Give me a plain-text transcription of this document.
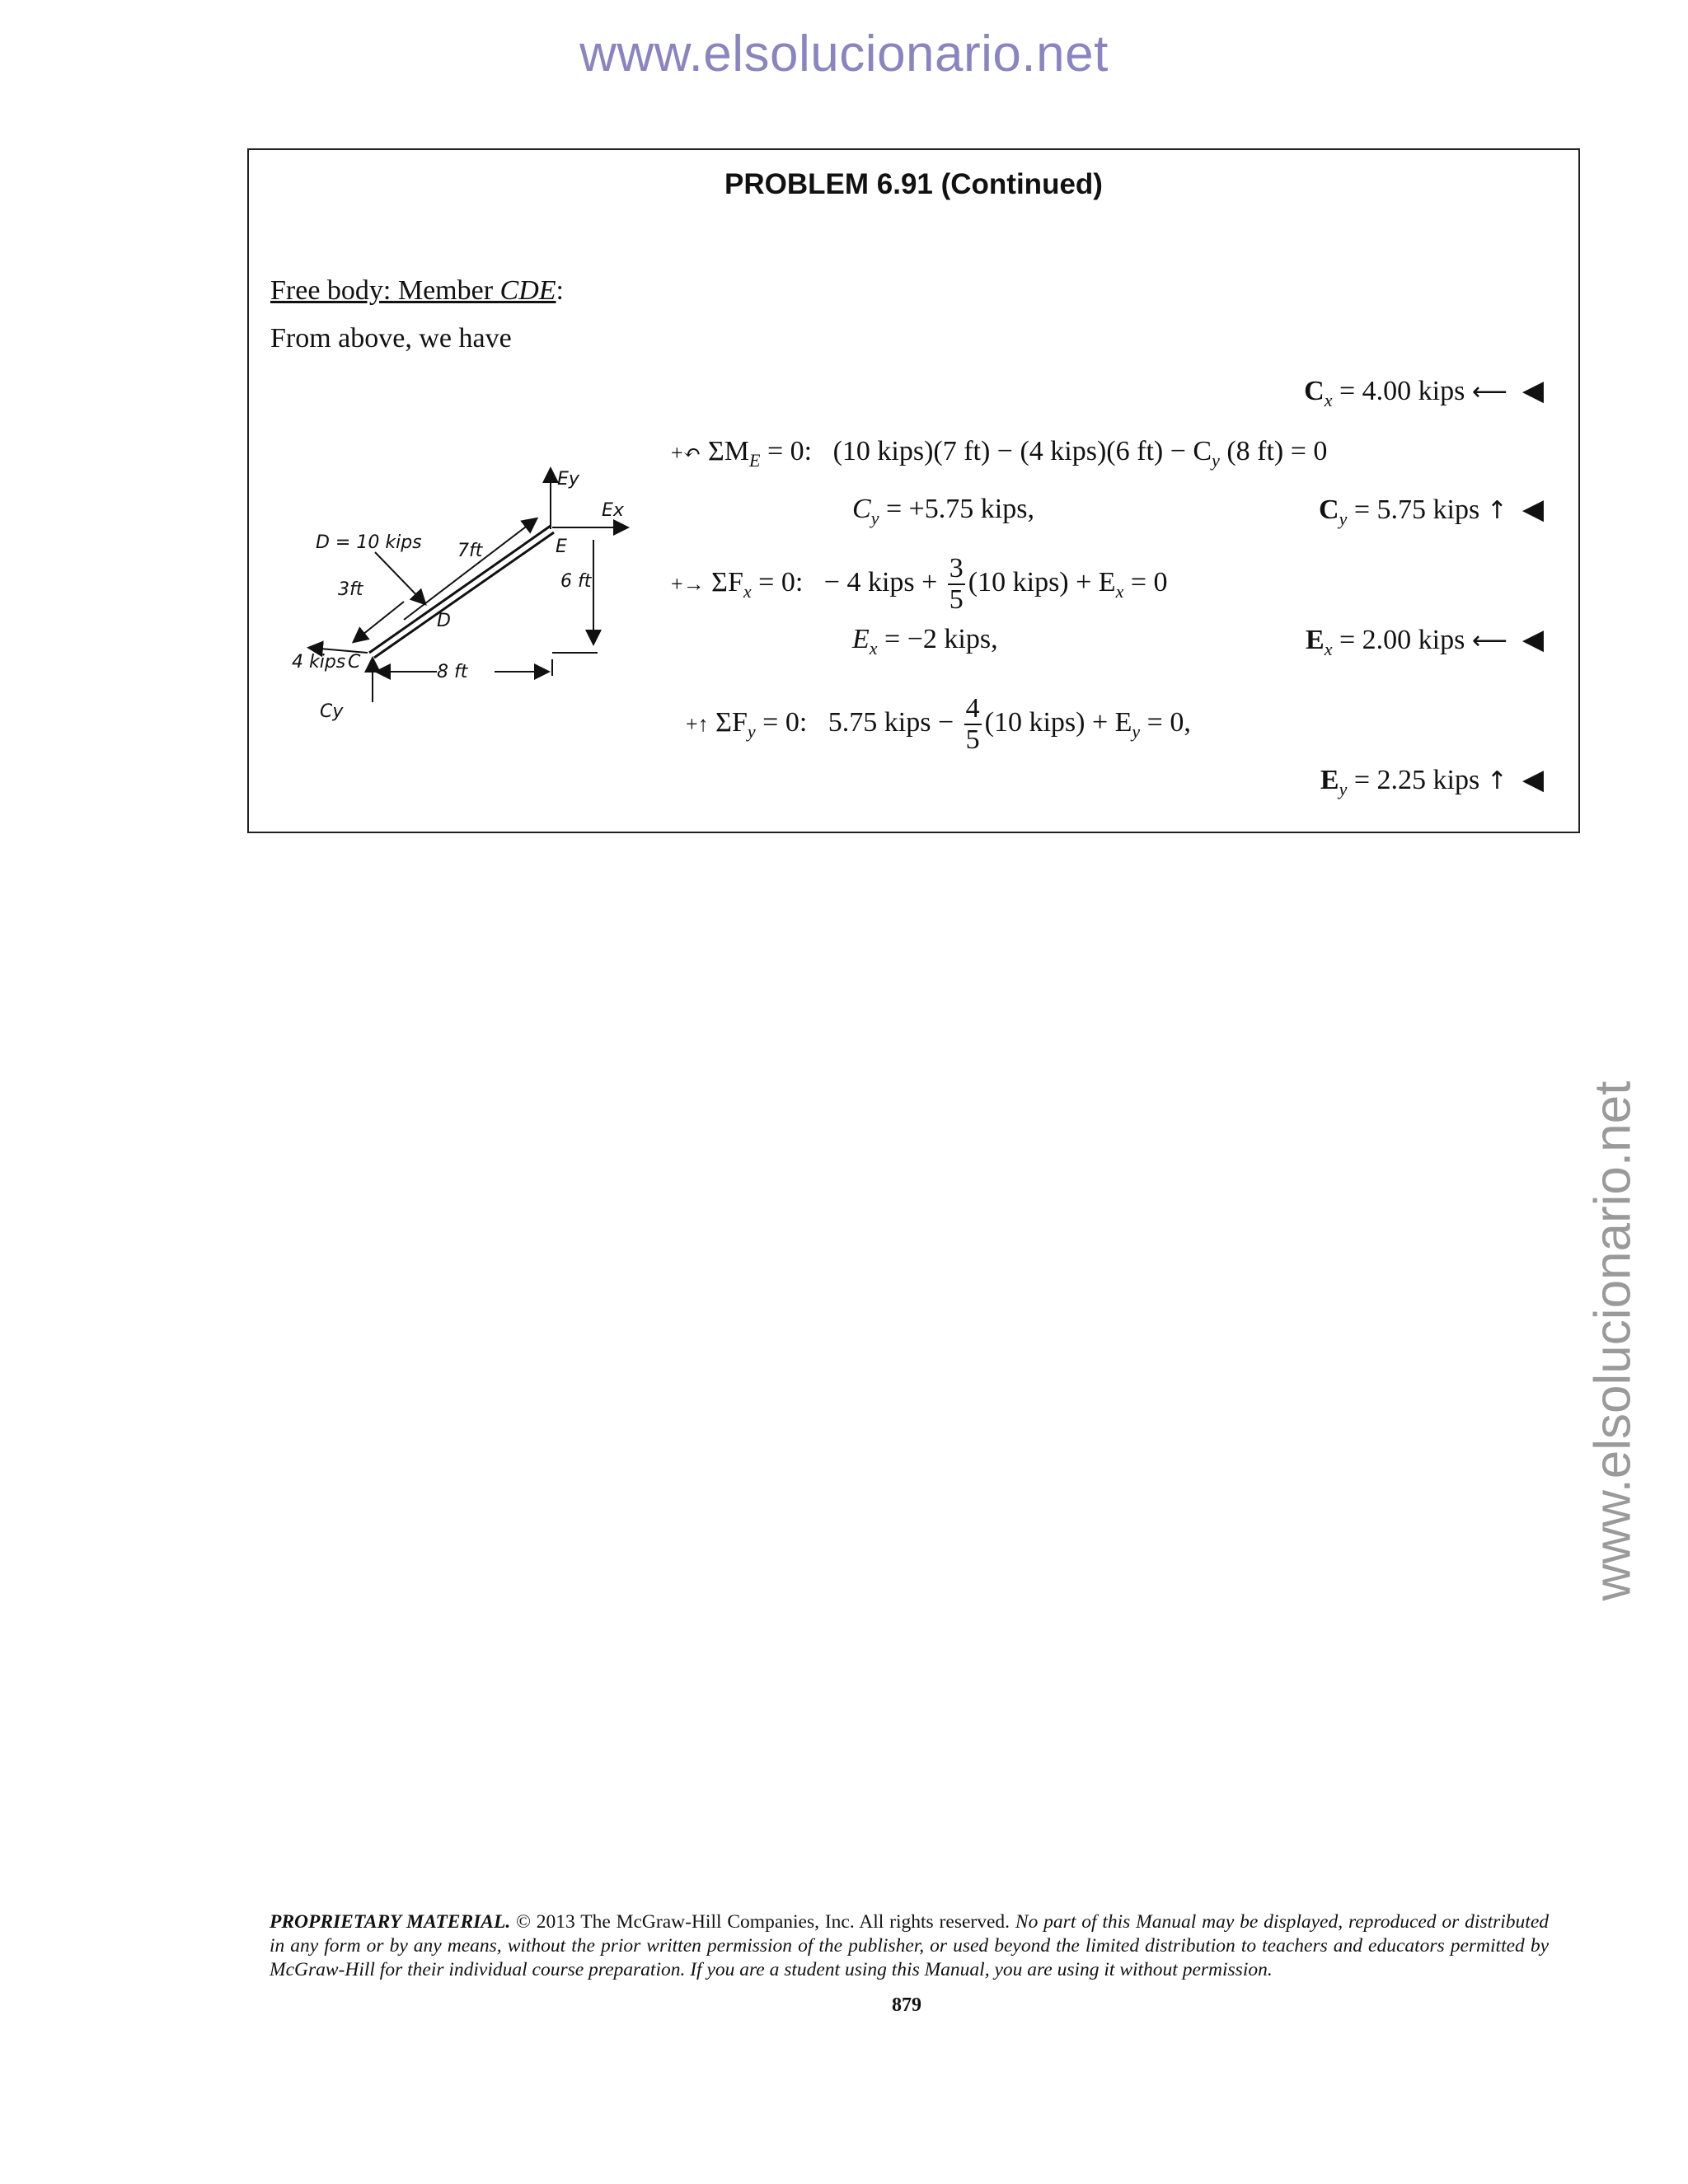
www.elsolucionario.net
www.elsolucionario.net
PROBLEM 6.91 (Continued)
Free body: Member CDE:
From above, we have
$C_x = 4.00$ kips ⟵ ◀
+↶ $\Sigma M_E = 0$: (10 kips)(7 ft) − (4 kips)(6 $ft) - C_y$ (8 ft) = 0
$C_y = +5.75$ kips,	$C_y = 5.75$ kips ↑ ◀
+→ $\Sigma F_x = 0$: − 4 kips + $\frac{3}{5} (10$ kips) + $E_x = 0$
$E_x = -2$ kips,	$E_x = 2.00$ kips ⟵ ◀
+↑ $\Sigma F_y = 0$: 5.75 kips − $\frac{4}{5} (10$ kips) + $E_y = 0$,
$E_y = 2.25$ kips ↑ ◀
D = 10 kips 7ft
3ft	6 ft
8 ft
D
E
C
4 kips
Ey
Ex
Cy
PROPRIETARY MATERIAL. © 2013 The McGraw-Hill Companies, Inc. All rights reserved. No part of this Manual may be displayed, reproduced or distributed in any form or by any means, without the prior written permission of the publisher, or used beyond the limited distribution to teachers and educators permitted by McGraw-Hill for their individual course preparation. If you are a student using this Manual, you are using it without permission.
879
